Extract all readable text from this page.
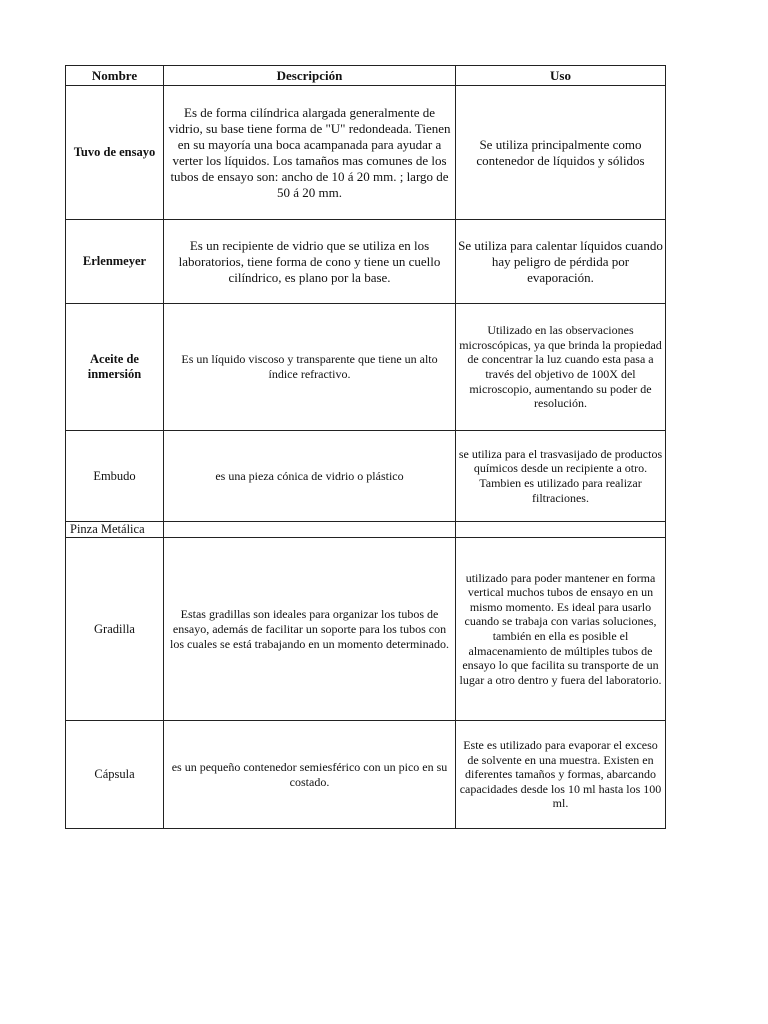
Nombre	Descripción	Uso
Tuvo de ensayo	Es de forma cilíndrica alargada generalmente de vidrio, su base tiene forma de "U" redondeada. Tienen en su mayoría una boca acampanada para ayudar a verter los líquidos. Los tamaños mas comunes de los tubos de ensayo son: ancho de 10 á 20 mm. ; largo de 50 á 20 mm.	Se utiliza principalmente como contenedor de líquidos y sólidos
Erlenmeyer	Es un recipiente de vidrio que se utiliza en los laboratorios, tiene forma de cono y tiene un cuello cilíndrico, es plano por la base.	Se utiliza para calentar líquidos cuando hay peligro de pérdida por evaporación.
Aceite de inmersión	Es un líquido viscoso y transparente que tiene un alto índice refractivo.	Utilizado en las observaciones microscópicas, ya que brinda la propiedad de concentrar la luz cuando esta pasa a través del objetivo de 100X del microscopio, aumentando su poder de resolución.
Embudo	es una pieza cónica de vidrio o plástico	se utiliza para el trasvasijado de productos químicos desde un recipiente a otro. Tambien es utilizado para realizar filtraciones.
Pinza Metálica		
Gradilla	Estas gradillas son ideales para organizar los tubos de ensayo, además de facilitar un soporte para los tubos con los cuales se está trabajando en un momento determinado.	utilizado para poder mantener en forma vertical muchos tubos de ensayo en un mismo momento. Es ideal para usarlo cuando se trabaja con varias soluciones, también en ella es posible el almacenamiento de múltiples tubos de ensayo lo que facilita su transporte de un lugar a otro dentro y fuera del laboratorio.
Cápsula	es un pequeño contenedor semiesférico con un pico en su costado.	Este es utilizado para evaporar el exceso de solvente en una muestra. Existen en diferentes tamaños y formas, abarcando capacidades desde los 10 ml hasta los 100 ml.
